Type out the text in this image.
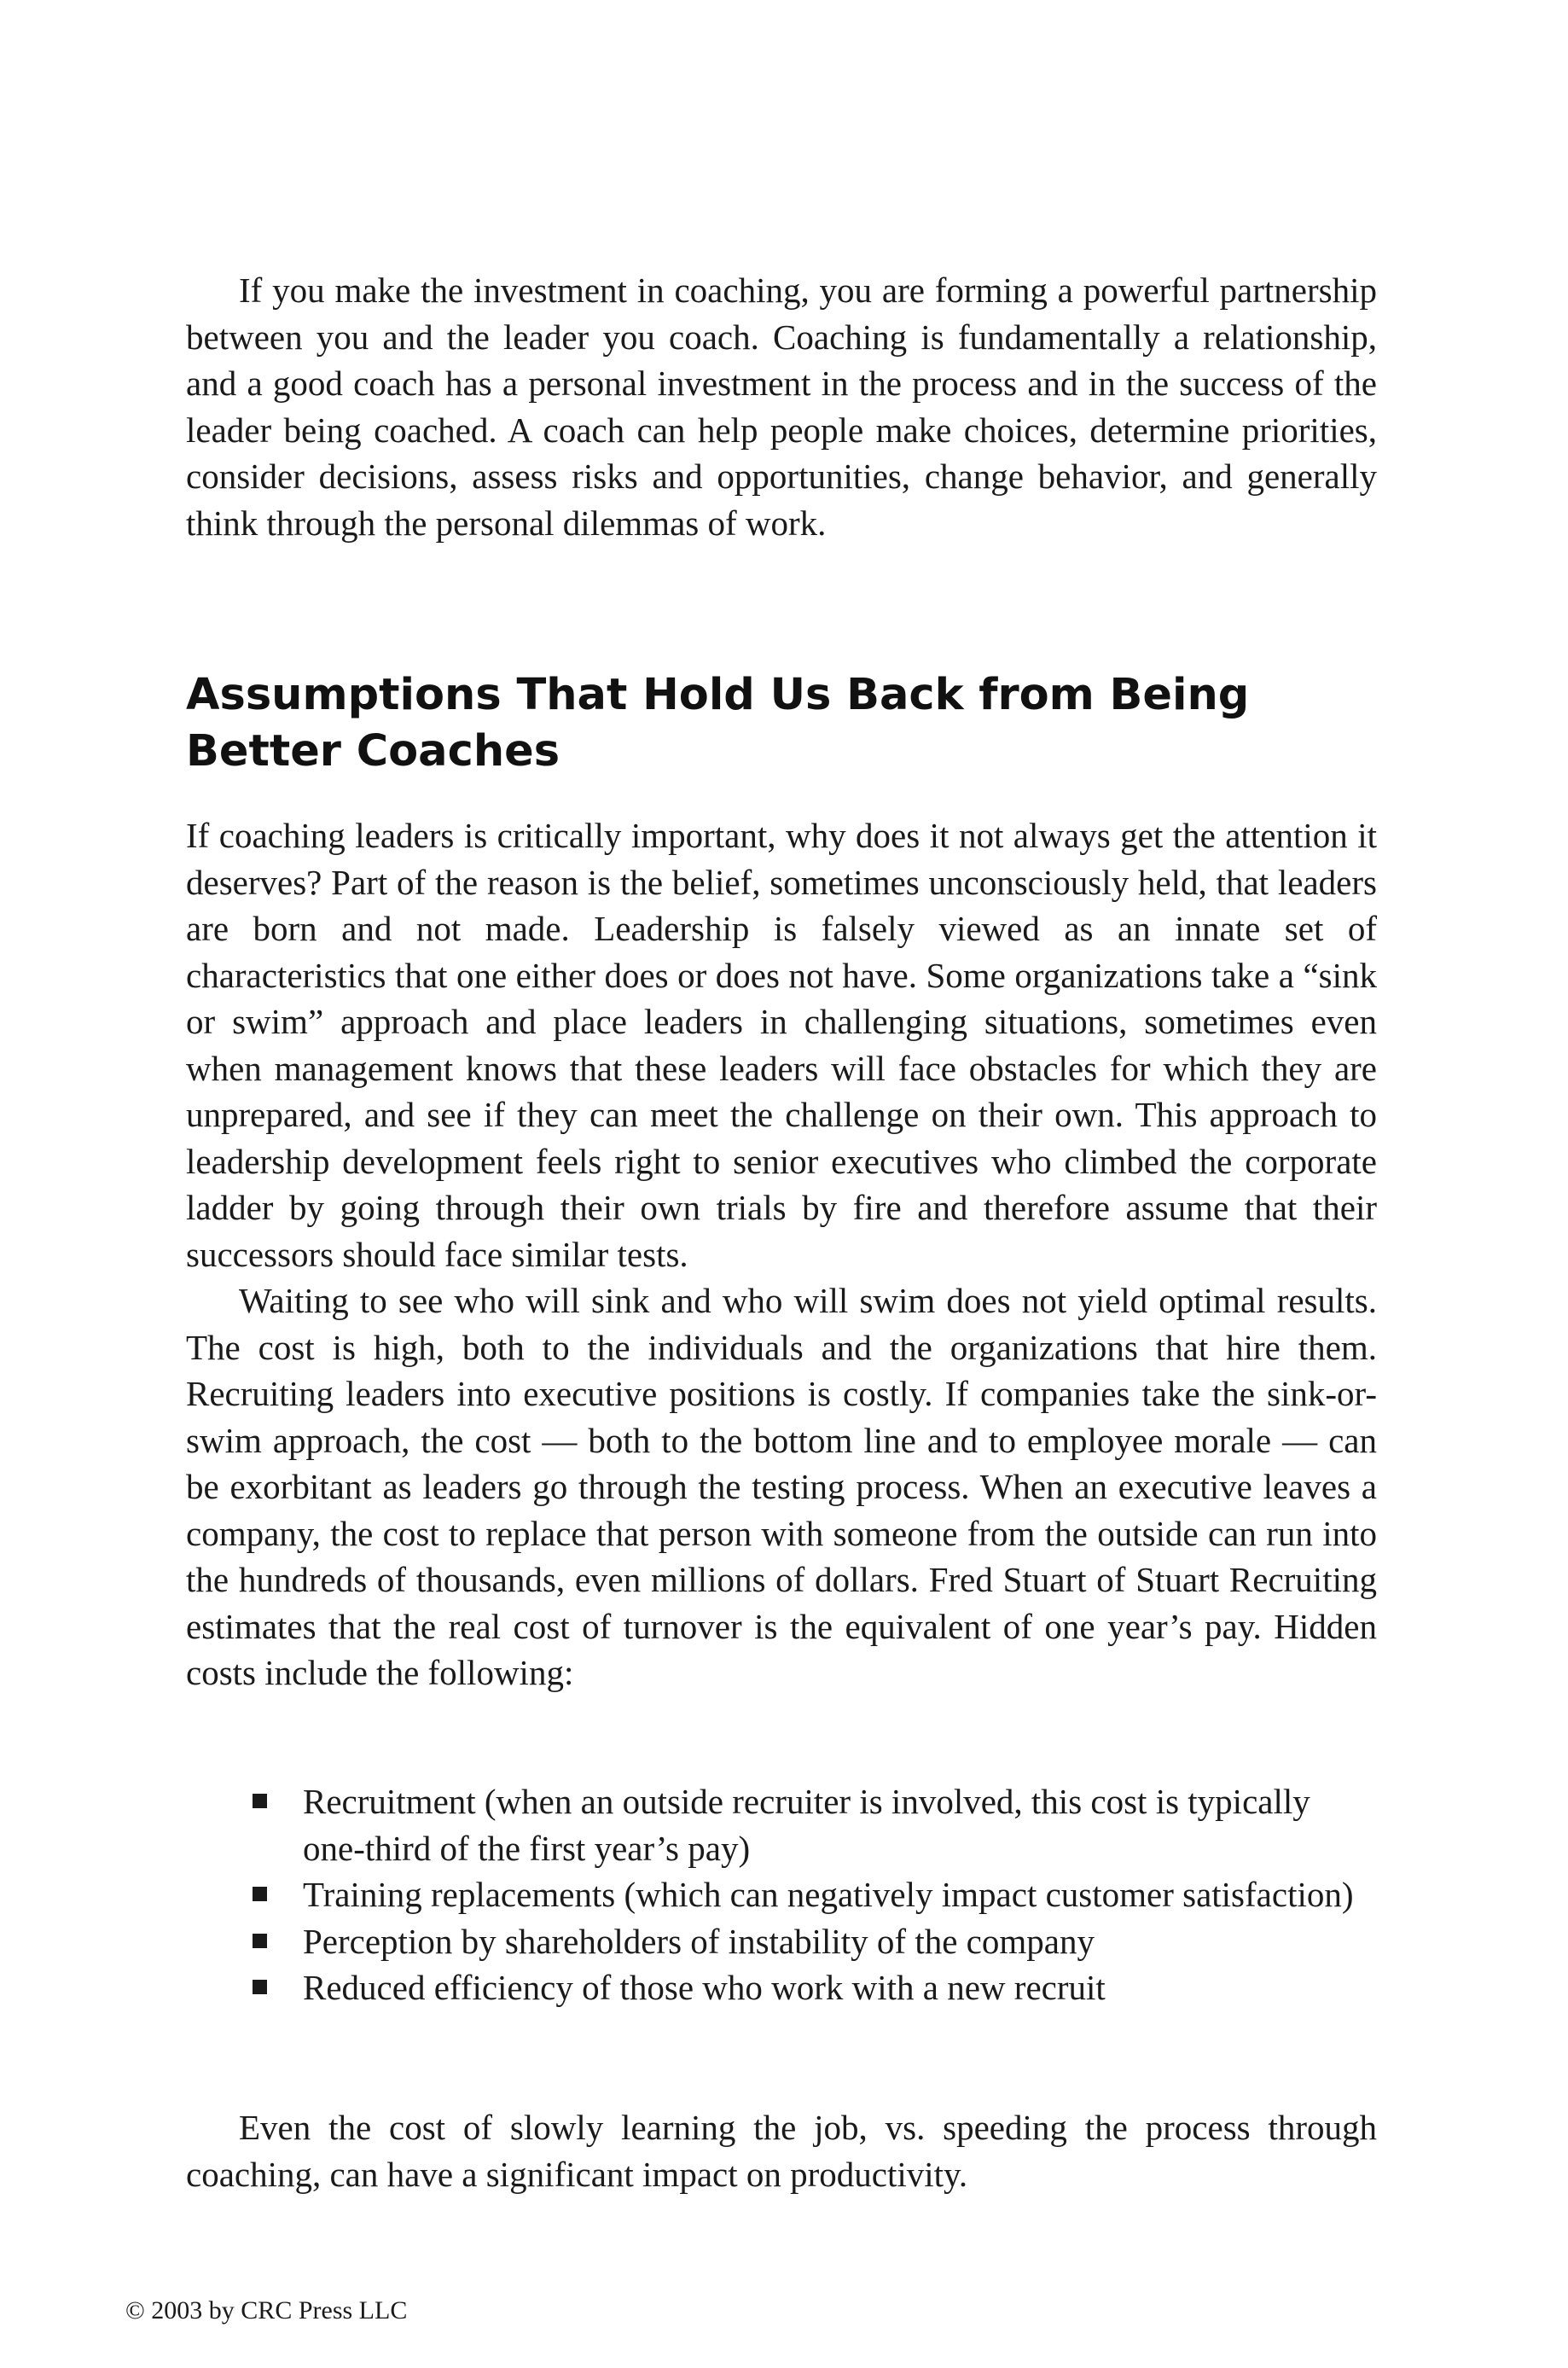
If you make the investment in coaching, you are forming a powerful partnership between you and the leader you coach. Coaching is fundamentally a relationship, and a good coach has a personal investment in the process and in the success of the leader being coached. A coach can help people make choices, determine priorities, consider decisions, assess risks and opportunities, change behavior, and generally think through the personal dilemmas of work.

Assumptions That Hold Us Back from Being Better Coaches

If coaching leaders is critically important, why does it not always get the attention it deserves? Part of the reason is the belief, sometimes unconsciously held, that leaders are born and not made. Leadership is falsely viewed as an innate set of characteristics that one either does or does not have. Some organizations take a “sink or swim” approach and place leaders in challenging situations, sometimes even when management knows that these leaders will face obstacles for which they are unprepared, and see if they can meet the challenge on their own. This approach to leadership development feels right to senior executives who climbed the corporate ladder by going through their own trials by fire and therefore assume that their successors should face similar tests.

Waiting to see who will sink and who will swim does not yield optimal results. The cost is high, both to the individuals and the organizations that hire them. Recruiting leaders into executive positions is costly. If companies take the sink-or-swim approach, the cost — both to the bottom line and to employee morale — can be exorbitant as leaders go through the testing process. When an executive leaves a company, the cost to replace that person with someone from the outside can run into the hundreds of thousands, even millions of dollars. Fred Stuart of Stuart Recruiting estimates that the real cost of turnover is the equivalent of one year’s pay. Hidden costs include the following:

Recruitment (when an outside recruiter is involved, this cost is typically one-third of the first year’s pay)
Training replacements (which can negatively impact customer satisfaction)
Perception by shareholders of instability of the company
Reduced efficiency of those who work with a new recruit

Even the cost of slowly learning the job, vs. speeding the process through coaching, can have a significant impact on productivity.

© 2003 by CRC Press LLC
